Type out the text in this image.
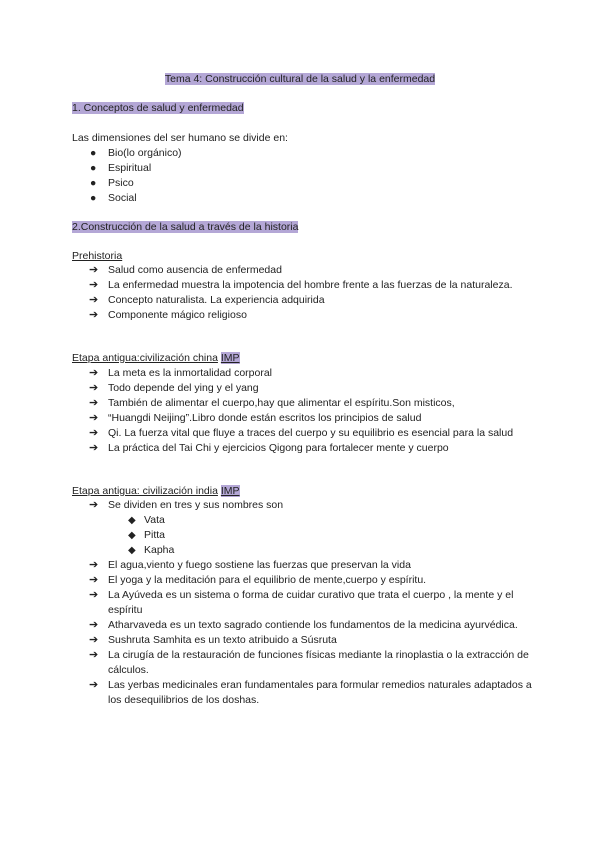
Tema 4: Construcción cultural de la salud y la enfermedad
1. Conceptos de salud y enfermedad
Las dimensiones del ser humano se divide en:
● Bio(lo orgánico)
● Espiritual
● Psico
● Social
2.Construcción de la salud a través de la historia
Prehistoria
➔ Salud como ausencia de enfermedad
➔ La enfermedad muestra la impotencia del hombre frente a las fuerzas de la naturaleza.
➔ Concepto naturalista. La experiencia adquirida
➔ Componente mágico religioso
Etapa antigua:civilización china IMP
➔ La meta es la inmortalidad corporal
➔ Todo depende del ying y el yang
➔ También de alimentar el cuerpo,hay que alimentar el espíritu.Son misticos,
➔ “Huangdi Neijing”.Libro donde están escritos los principios de salud
➔ Qi. La fuerza vital que fluye a traces del cuerpo y su equilibrio es esencial para la salud
➔ La práctica del Tai Chi y ejercicios Qigong para fortalecer mente y cuerpo
Etapa antigua: civilización india IMP
➔ Se dividen en tres y sus nombres son
◆ Vata
◆ Pitta
◆ Kapha
➔ El agua,viento y fuego sostiene las fuerzas que preservan la vida
➔ El yoga y la meditación para el equilibrio de mente,cuerpo y espíritu.
➔ La Ayúveda es un sistema o forma de cuidar curativo que trata el cuerpo , la mente y el espíritu
➔ Atharvaveda es un texto sagrado contiende los fundamentos de la medicina ayurvédica.
➔ Sushruta Samhita es un texto atribuido a Súsruta
➔ La cirugía de la restauración de funciones físicas mediante la rinoplastia o la extracción de cálculos.
➔ Las yerbas medicinales eran fundamentales para formular remedios naturales adaptados a los desequilibrios de los doshas.
